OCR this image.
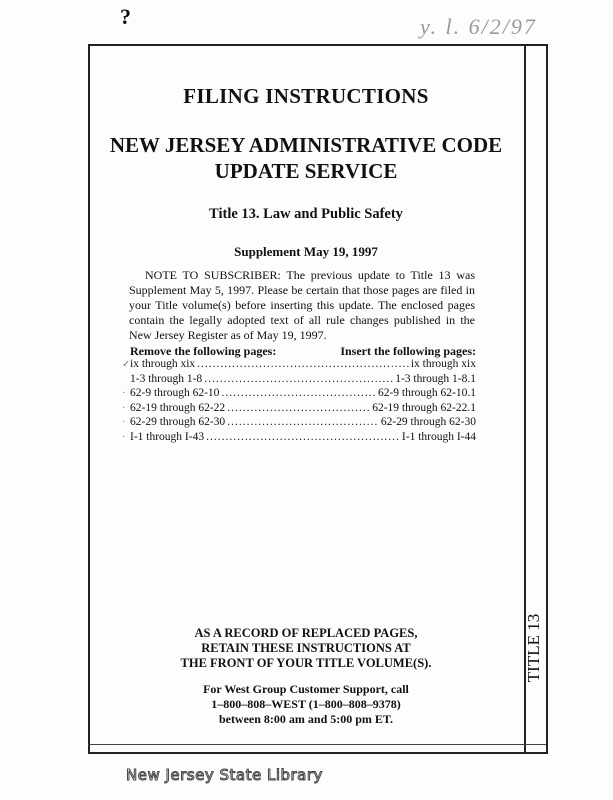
?	y. l. 6/2/97
FILING INSTRUCTIONS
NEW JERSEY ADMINISTRATIVE CODE
UPDATE SERVICE
Title 13. Law and Public Safety
Supplement May 19, 1997
NOTE TO SUBSCRIBER: The previous update to Title 13 was Supplement May 5, 1997. Please be certain that those pages are filed in your Title volume(s) before inserting this update. The enclosed pages contain the legally adopted text of all rule changes published in the New Jersey Register as of May 19, 1997.
Remove the following pages:	Insert the following pages:
✓ ix through xix .....	ix through xix
1-3 through 1-8 .....	1-3 through 1-8.1
· 62-9 through 62-10 .....	62-9 through 62-10.1
· 62-19 through 62-22 .....	62-19 through 62-22.1
· 62-29 through 62-30 .....	62-29 through 62-30
· I-1 through I-43 .....	I-1 through I-44
AS A RECORD OF REPLACED PAGES,
RETAIN THESE INSTRUCTIONS AT
THE FRONT OF YOUR TITLE VOLUME(S).
For West Group Customer Support, call
1–800–808–WEST (1–800–808–9378)
between 8:00 am and 5:00 pm ET.
TITLE 13
New Jersey State Library
